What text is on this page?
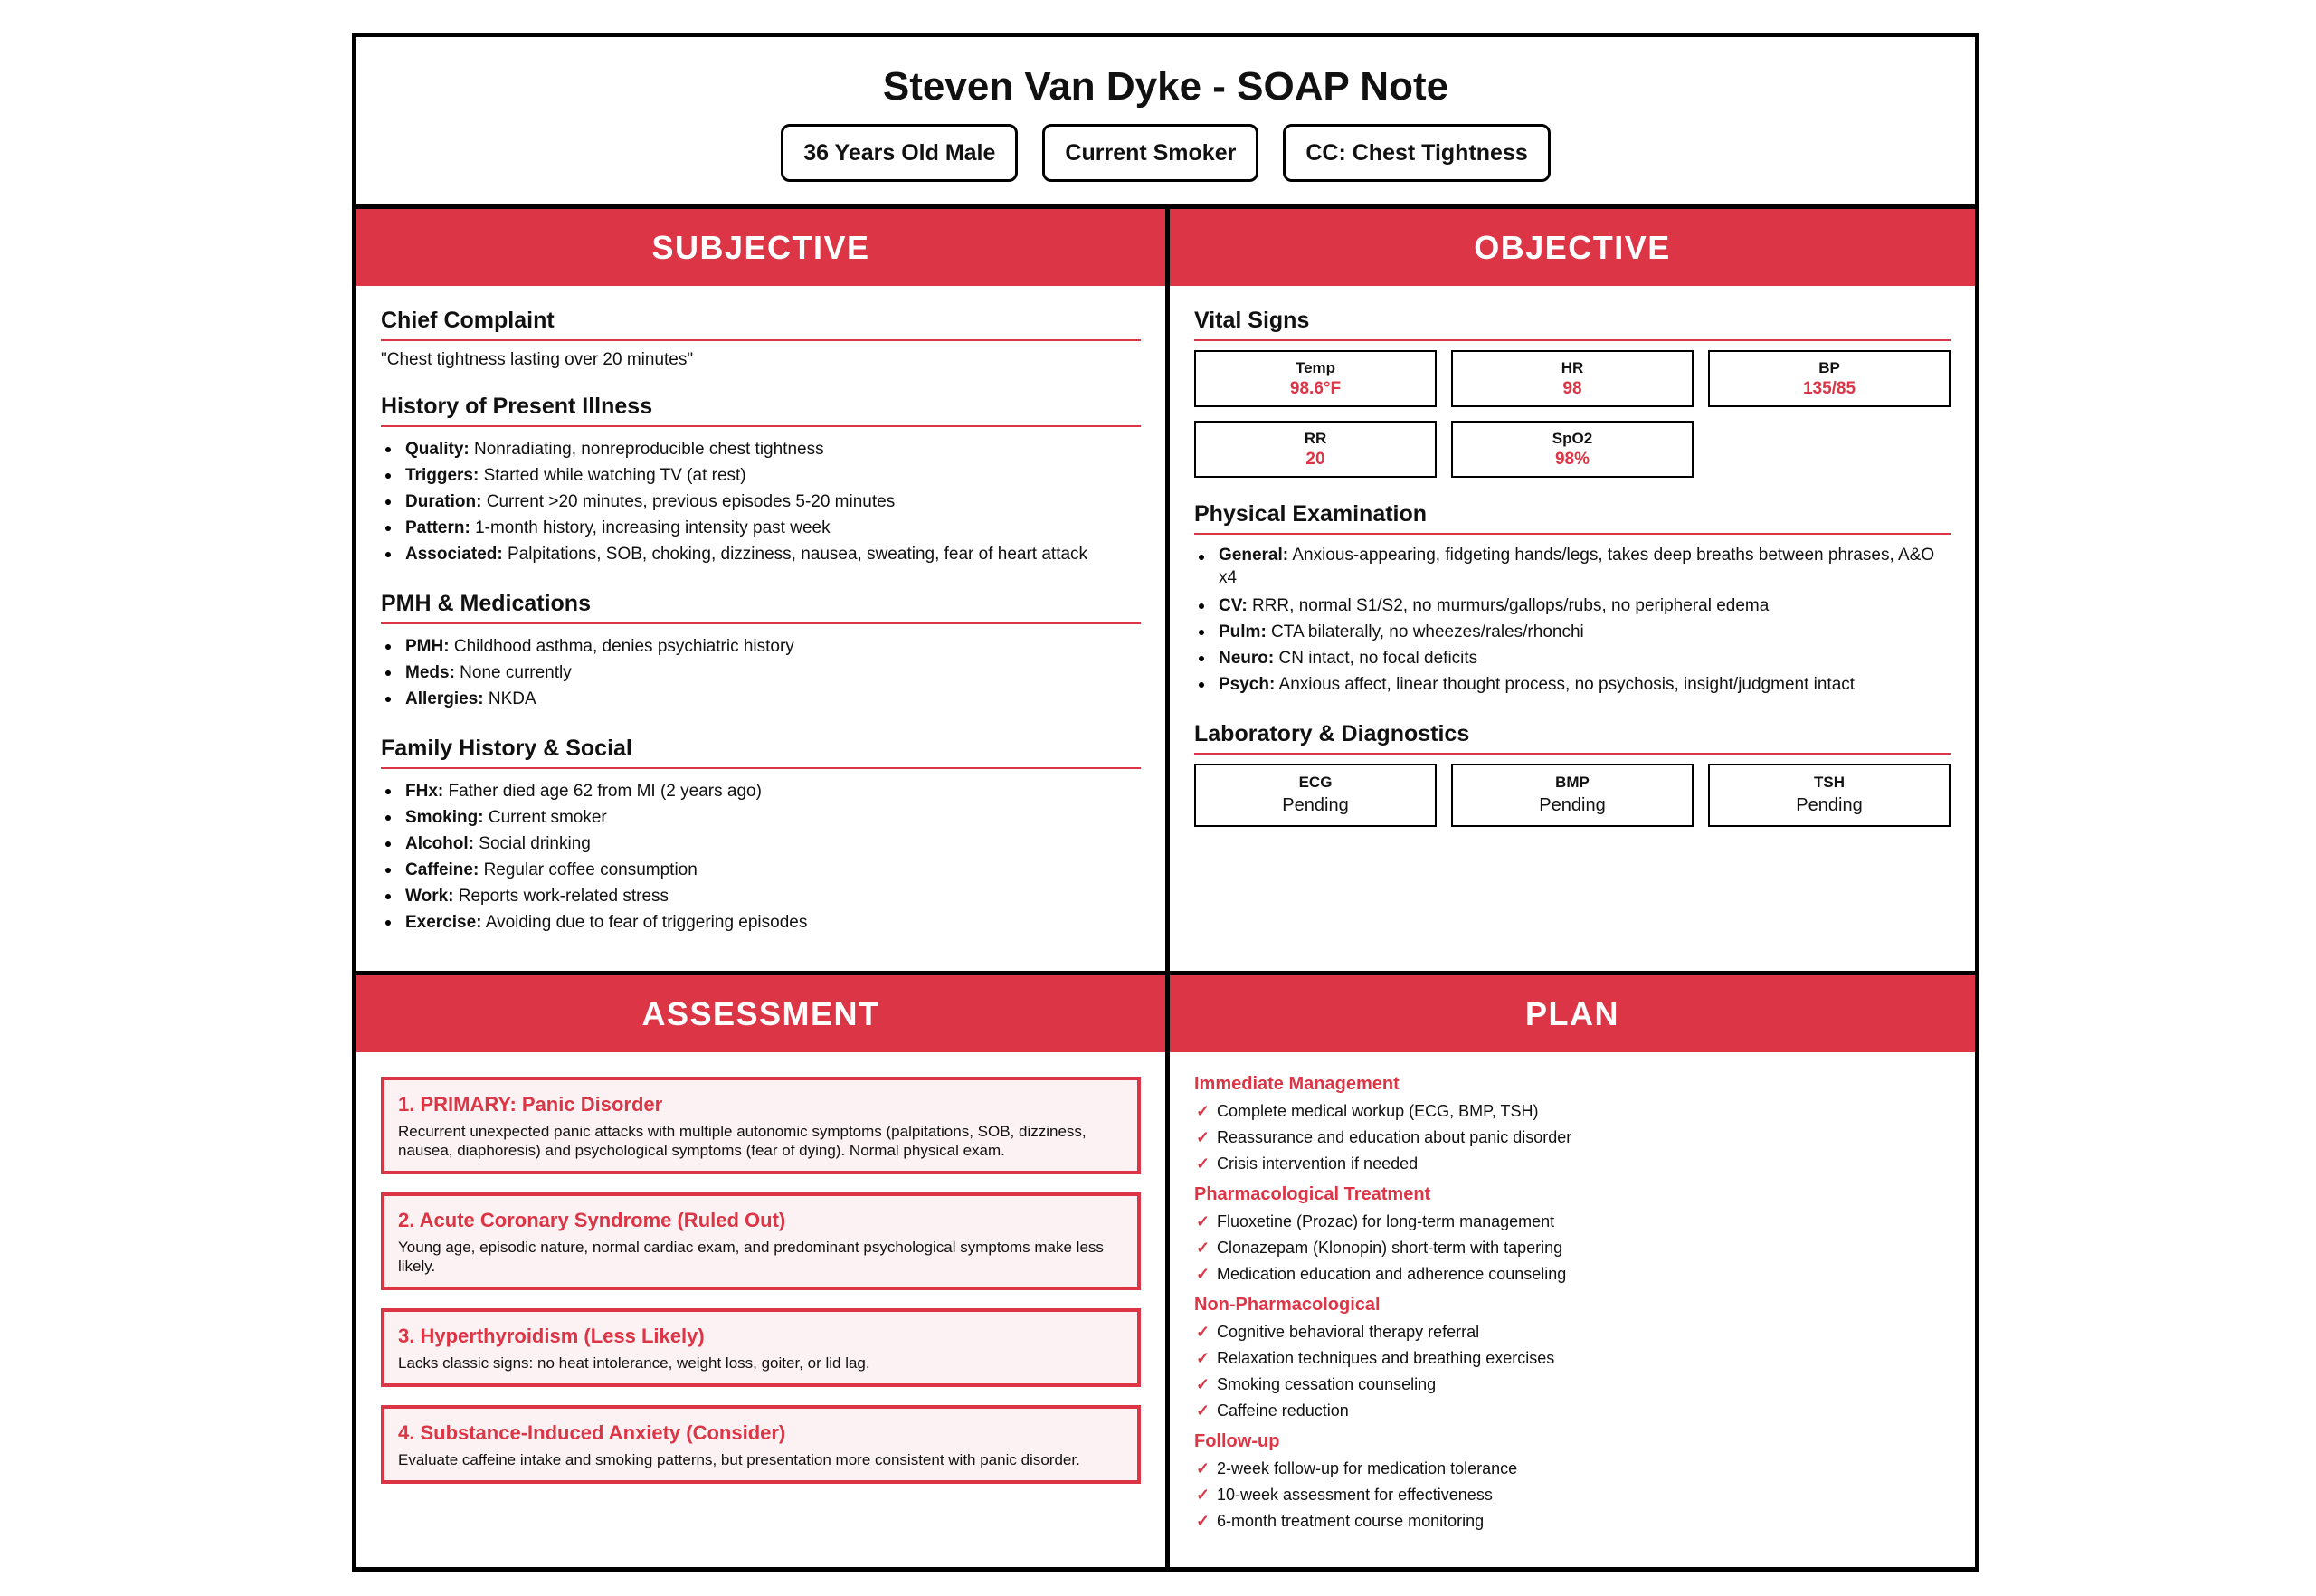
Steven Van Dyke - SOAP Note
36 Years Old Male	Current Smoker	CC: Chest Tightness
SUBJECTIVE
Chief Complaint
"Chest tightness lasting over 20 minutes"
History of Present Illness
Quality: Nonradiating, nonreproducible chest tightness
Triggers: Started while watching TV (at rest)
Duration: Current >20 minutes, previous episodes 5-20 minutes
Pattern: 1-month history, increasing intensity past week
Associated: Palpitations, SOB, choking, dizziness, nausea, sweating, fear of heart attack
PMH & Medications
PMH: Childhood asthma, denies psychiatric history
Meds: None currently
Allergies: NKDA
Family History & Social
FHx: Father died age 62 from MI (2 years ago)
Smoking: Current smoker
Alcohol: Social drinking
Caffeine: Regular coffee consumption
Work: Reports work-related stress
Exercise: Avoiding due to fear of triggering episodes
OBJECTIVE
Vital Signs
Temp
98.6°F
HR
98
BP
135/85
RR
20
SpO2
98%
Physical Examination
General: Anxious-appearing, fidgeting hands/legs, takes deep breaths between phrases, A&O x4
CV: RRR, normal S1/S2, no murmurs/gallops/rubs, no peripheral edema
Pulm: CTA bilaterally, no wheezes/rales/rhonchi
Neuro: CN intact, no focal deficits
Psych: Anxious affect, linear thought process, no psychosis, insight/judgment intact
Laboratory & Diagnostics
ECG
Pending
BMP
Pending
TSH
Pending
ASSESSMENT
1. PRIMARY: Panic Disorder
Recurrent unexpected panic attacks with multiple autonomic symptoms (palpitations, SOB, dizziness, nausea, diaphoresis) and psychological symptoms (fear of dying). Normal physical exam.
2. Acute Coronary Syndrome (Ruled Out)
Young age, episodic nature, normal cardiac exam, and predominant psychological symptoms make less likely.
3. Hyperthyroidism (Less Likely)
Lacks classic signs: no heat intolerance, weight loss, goiter, or lid lag.
4. Substance-Induced Anxiety (Consider)
Evaluate caffeine intake and smoking patterns, but presentation more consistent with panic disorder.
PLAN
Immediate Management
✓ Complete medical workup (ECG, BMP, TSH)
✓ Reassurance and education about panic disorder
✓ Crisis intervention if needed
Pharmacological Treatment
✓ Fluoxetine (Prozac) for long-term management
✓ Clonazepam (Klonopin) short-term with tapering
✓ Medication education and adherence counseling
Non-Pharmacological
✓ Cognitive behavioral therapy referral
✓ Relaxation techniques and breathing exercises
✓ Smoking cessation counseling
✓ Caffeine reduction
Follow-up
✓ 2-week follow-up for medication tolerance
✓ 10-week assessment for effectiveness
✓ 6-month treatment course monitoring
